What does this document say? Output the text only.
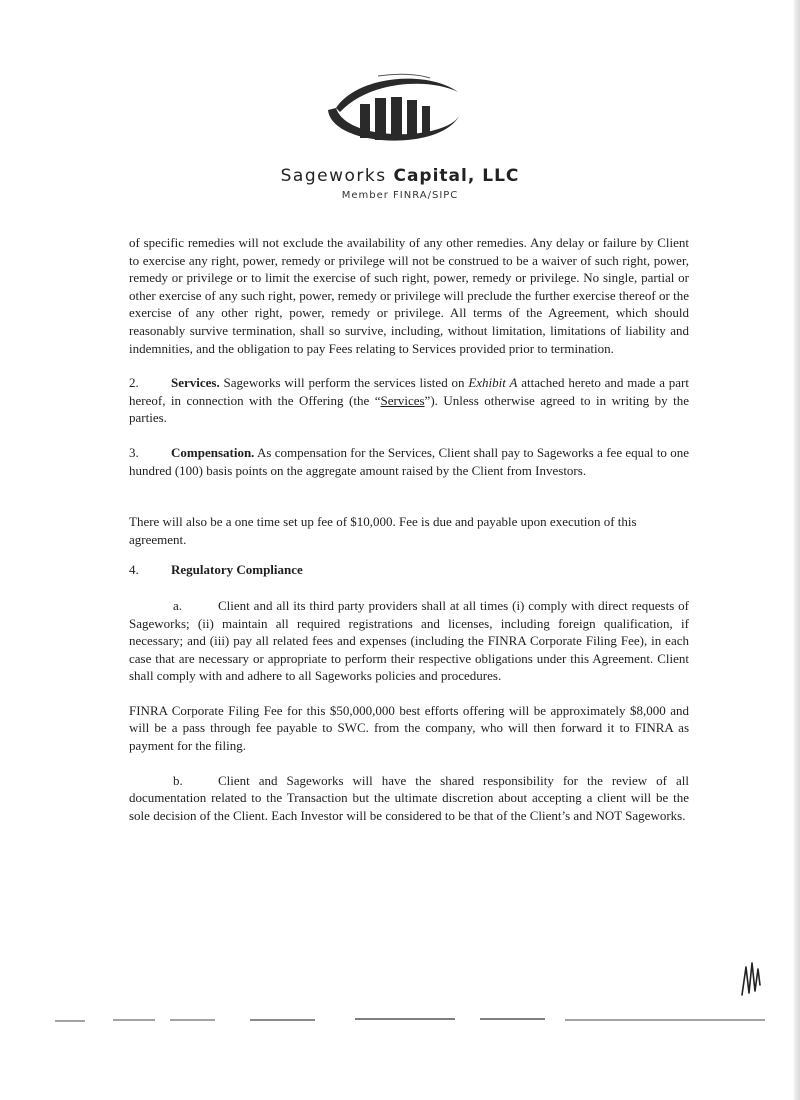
Sageworks Capital, LLC
Member FINRA/SIPC

of specific remedies will not exclude the availability of any other remedies. Any delay or failure by Client to exercise any right, power, remedy or privilege will not be construed to be a waiver of such right, power, remedy or privilege or to limit the exercise of such right, power, remedy or privilege. No single, partial or other exercise of any such right, power, remedy or privilege will preclude the further exercise thereof or the exercise of any other right, power, remedy or privilege. All terms of the Agreement, which should reasonably survive termination, shall so survive, including, without limitation, limitations of liability and indemnities, and the obligation to pay Fees relating to Services provided prior to termination.

2. Services. Sageworks will perform the services listed on Exhibit A attached hereto and made a part hereof, in connection with the Offering (the “Services”). Unless otherwise agreed to in writing by the parties.

3. Compensation. As compensation for the Services, Client shall pay to Sageworks a fee equal to one hundred (100) basis points on the aggregate amount raised by the Client from Investors.

There will also be a one time set up fee of $10,000. Fee is due and payable upon execution of this agreement.

4. Regulatory Compliance

a.	Client and all its third party providers shall at all times (i) comply with direct requests of Sageworks; (ii) maintain all required registrations and licenses, including foreign qualification, if necessary; and (iii) pay all related fees and expenses (including the FINRA Corporate Filing Fee), in each case that are necessary or appropriate to perform their respective obligations under this Agreement. Client shall comply with and adhere to all Sageworks policies and procedures.

FINRA Corporate Filing Fee for this $50,000,000 best efforts offering will be approximately $8,000 and will be a pass through fee payable to SWC. from the company, who will then forward it to FINRA as payment for the filing.

b.	Client and Sageworks will have the shared responsibility for the review of all documentation related to the Transaction but the ultimate discretion about accepting a client will be the sole decision of the Client. Each Investor will be considered to be that of the Client’s and NOT Sageworks.
